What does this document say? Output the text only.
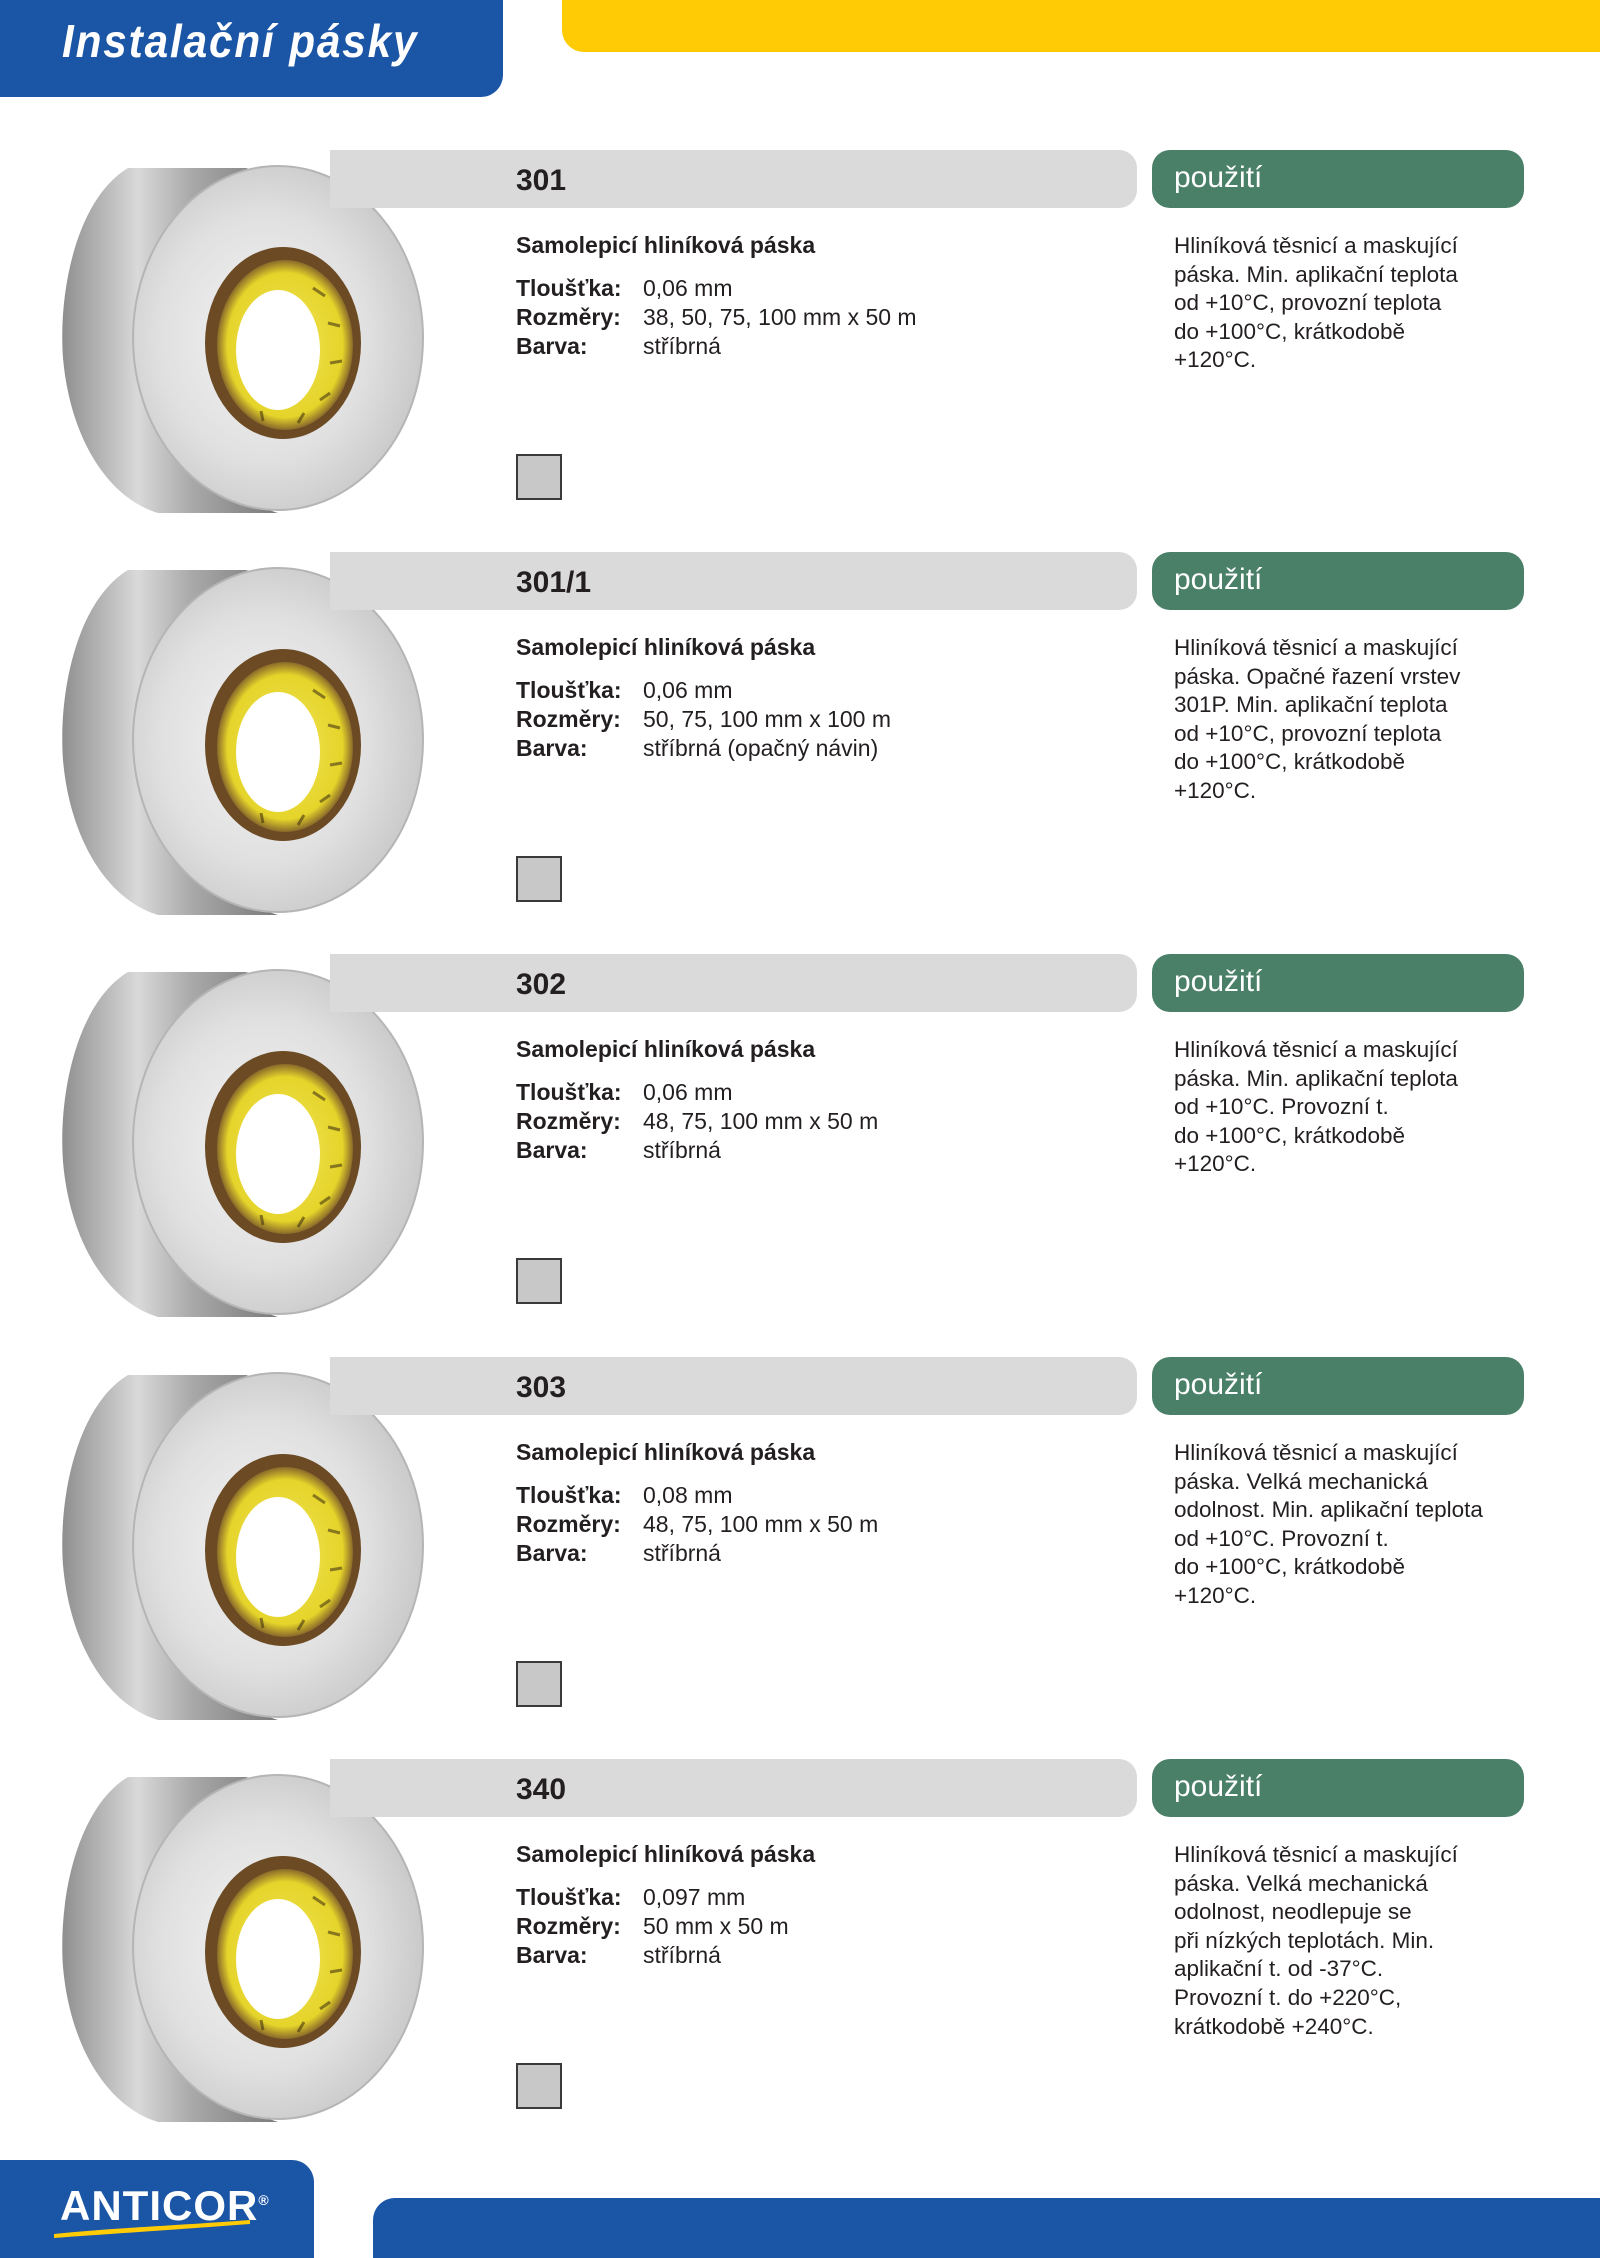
Instalační pásky
301	použití
Samolepicí hliníková páska
Tloušťka:	0,06 mm
Rozměry:	38, 50, 75, 100 mm x 50 m
Barva:	stříbrná
Hliníková těsnicí a maskující
páska. Min. aplikační teplota
od +10°C, provozní teplota
do +100°C, krátkodobě
+120°C.
301/1	použití
Samolepicí hliníková páska
Tloušťka:	0,06 mm
Rozměry:	50, 75, 100 mm x 100 m
Barva:	stříbrná (opačný návin)
Hliníková těsnicí a maskující
páska. Opačné řazení vrstev
301P. Min. aplikační teplota
od +10°C, provozní teplota
do +100°C, krátkodobě
+120°C.
302	použití
Samolepicí hliníková páska
Tloušťka:	0,06 mm
Rozměry:	48, 75, 100 mm x 50 m
Barva:	stříbrná
Hliníková těsnicí a maskující
páska. Min. aplikační teplota
od +10°C. Provozní t.
do +100°C, krátkodobě
+120°C.
303	použití
Samolepicí hliníková páska
Tloušťka:	0,08 mm
Rozměry:	48, 75, 100 mm x 50 m
Barva:	stříbrná
Hliníková těsnicí a maskující
páska. Velká mechanická
odolnost. Min. aplikační teplota
od +10°C. Provozní t.
do +100°C, krátkodobě
+120°C.
340	použití
Samolepicí hliníková páska
Tloušťka:	0,097 mm
Rozměry:	50 mm x 50 m
Barva:	stříbrná
Hliníková těsnicí a maskující
páska. Velká mechanická
odolnost, neodlepuje se
při nízkých teplotách. Min.
aplikační t. od -37°C.
Provozní t. do +220°C,
krátkodobě +240°C.
ANTICOR®
